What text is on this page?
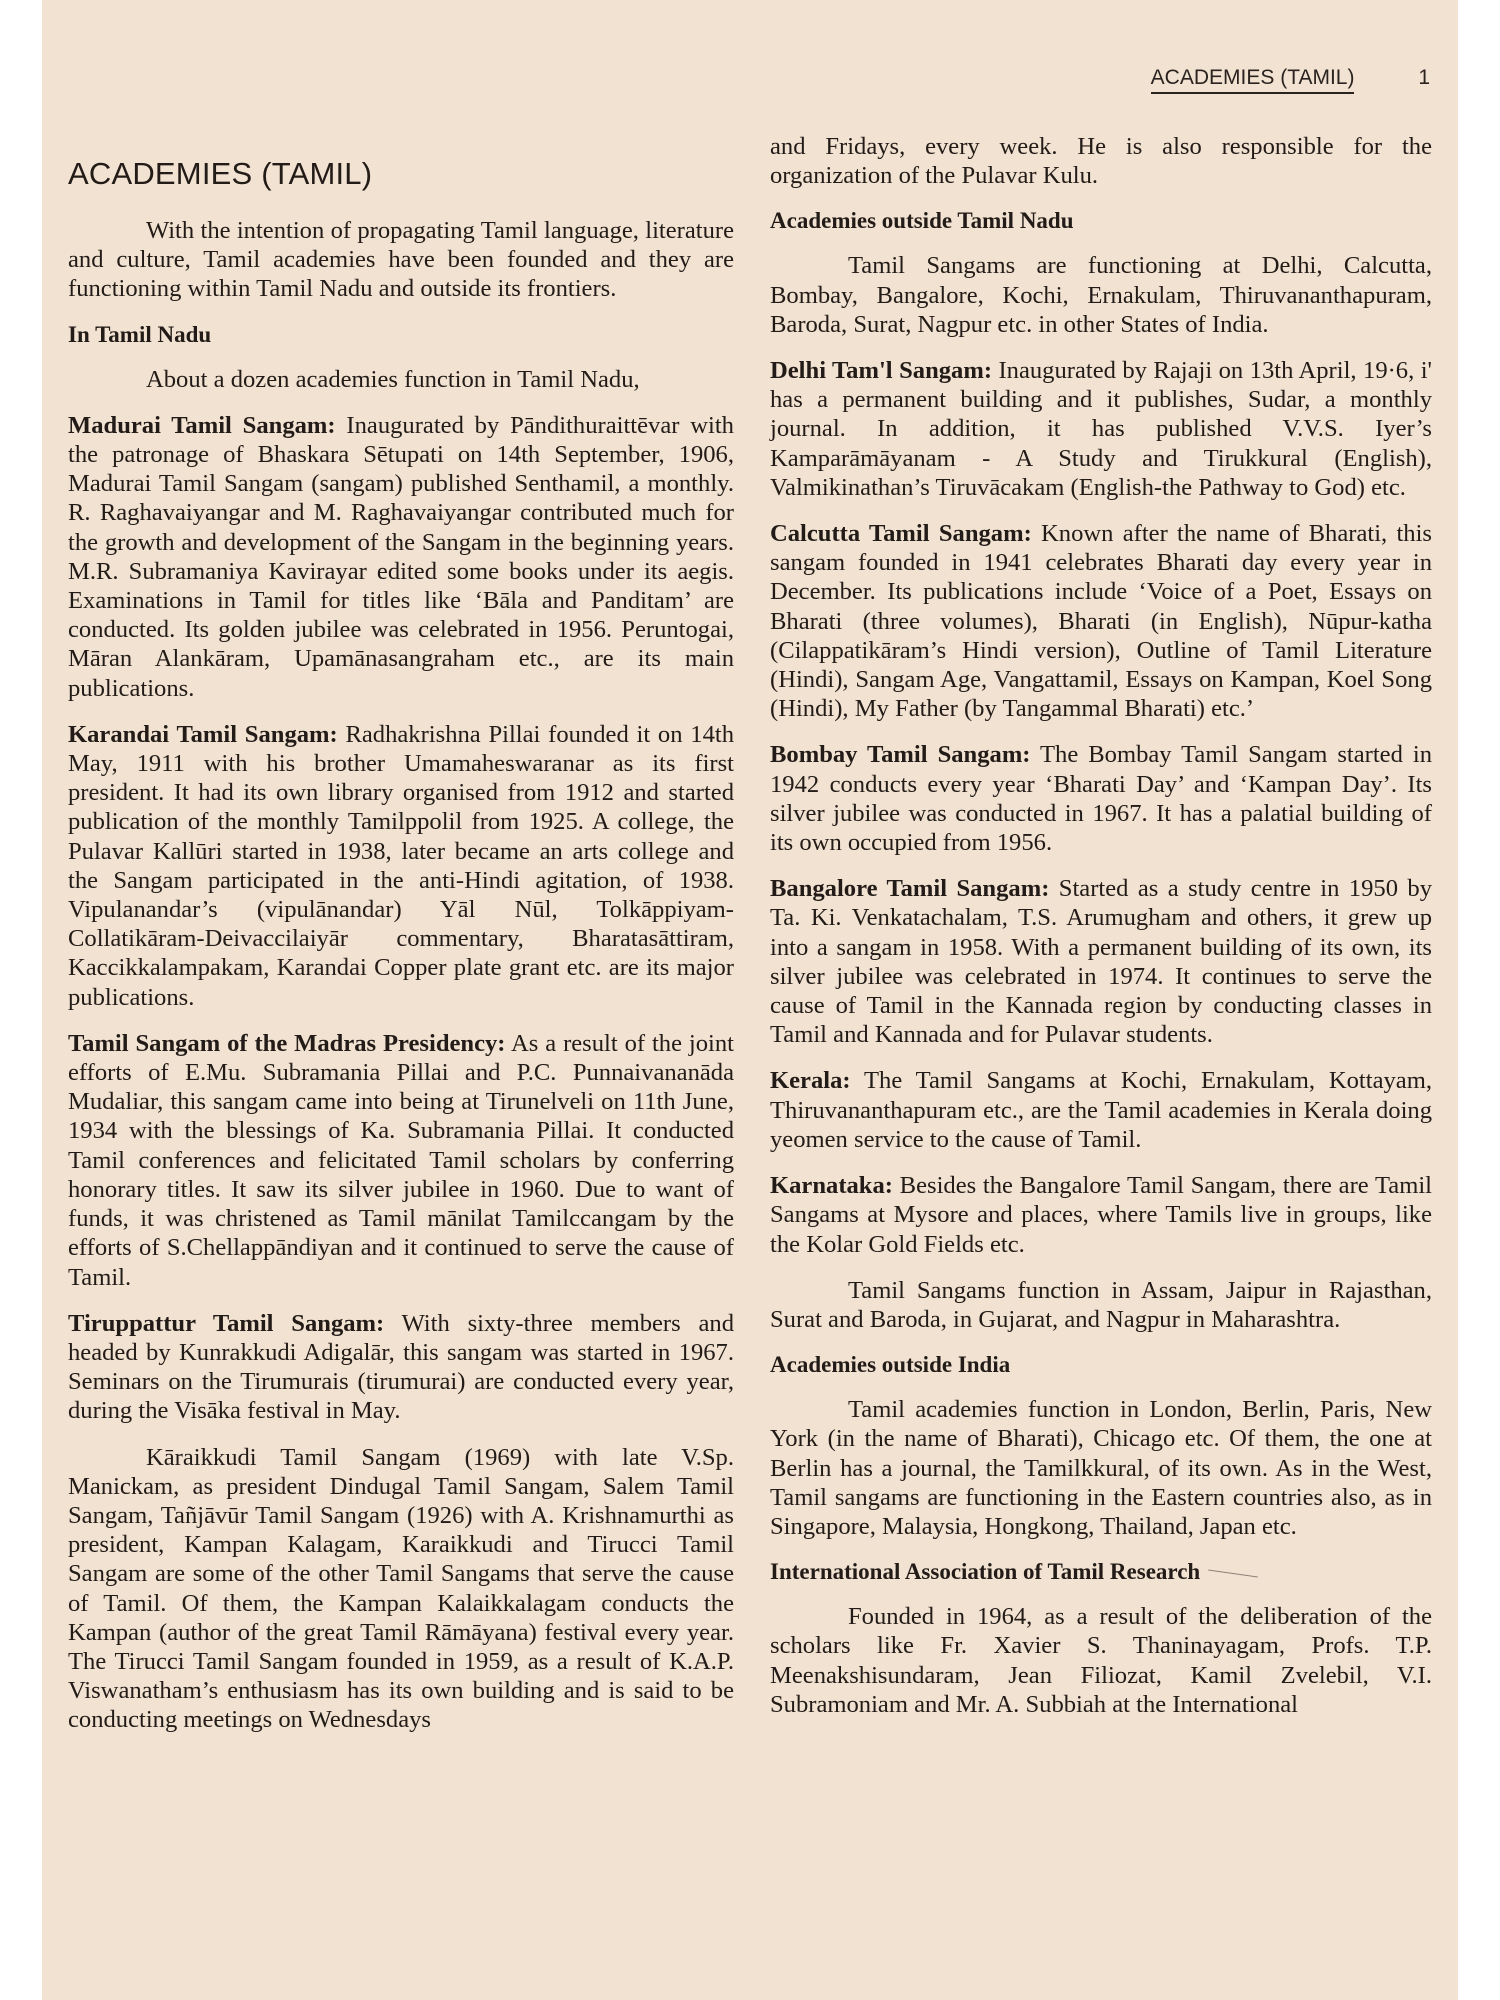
ACADEMIES (TAMIL)	1
ACADEMIES (TAMIL)

With the intention of propagating Tamil language, literature and culture, Tamil academies have been founded and they are functioning within Tamil Nadu and outside its frontiers.

In Tamil Nadu

About a dozen academies function in Tamil Nadu,

Madurai Tamil Sangam: Inaugurated by Pāndithuraittēvar with the patronage of Bhaskara Sētupati on 14th September, 1906, Madurai Tamil Sangam (sangam) published Senthamil, a monthly. R. Raghavaiyangar and M. Raghavaiyangar contributed much for the growth and development of the Sangam in the beginning years. M.R. Subramaniya Kavirayar edited some books under its aegis. Examinations in Tamil for titles like ‘Bāla and Panditam’ are conducted. Its golden jubilee was celebrated in 1956. Peruntogai, Māran Alankāram, Upamānasangraham etc., are its main publications.

Karandai Tamil Sangam: Radhakrishna Pillai founded it on 14th May, 1911 with his brother Umamaheswaranar as its first president. It had its own library organised from 1912 and started publication of the monthly Tamilppolil from 1925. A college, the Pulavar Kallūri started in 1938, later became an arts college and the Sangam participated in the anti-Hindi agitation, of 1938. Vipulanandar’s (vipulānandar) Yāl Nūl, Tolkāppiyam-Collatikāram-Deivaccilaiyār commentary, Bharatasāttiram, Kaccikkalampakam, Karandai Copper plate grant etc. are its major publications.

Tamil Sangam of the Madras Presidency: As a result of the joint efforts of E.Mu. Subramania Pillai and P.C. Punnaivananāda Mudaliar, this sangam came into being at Tirunelveli on 11th June, 1934 with the blessings of Ka. Subramania Pillai. It conducted Tamil conferences and felicitated Tamil scholars by conferring honorary titles. It saw its silver jubilee in 1960. Due to want of funds, it was christened as Tamil mānilat Tamilccangam by the efforts of S.Chellappāndiyan and it continued to serve the cause of Tamil.

Tiruppattur Tamil Sangam: With sixty-three members and headed by Kunrakkudi Adigalār, this sangam was started in 1967. Seminars on the Tirumurais (tirumurai) are conducted every year, during the Visāka festival in May.

Kāraikkudi Tamil Sangam (1969) with late V.Sp. Manickam, as president Dindugal Tamil Sangam, Salem Tamil Sangam, Tañjāvūr Tamil Sangam (1926) with A. Krishnamurthi as president, Kampan Kalagam, Karaikkudi and Tirucci Tamil Sangam are some of the other Tamil Sangams that serve the cause of Tamil. Of them, the Kampan Kalaikkalagam conducts the Kampan (author of the great Tamil Rāmāyana) festival every year. The Tirucci Tamil Sangam founded in 1959, as a result of K.A.P. Viswanatham’s enthusiasm has its own building and is said to be conducting meetings on Wednesdays

and Fridays, every week. He is also responsible for the organization of the Pulavar Kulu.

Academies outside Tamil Nadu

Tamil Sangams are functioning at Delhi, Calcutta, Bombay, Bangalore, Kochi, Ernakulam, Thiruvananthapuram, Baroda, Surat, Nagpur etc. in other States of India.

Delhi Tam'l Sangam: Inaugurated by Rajaji on 13th April, 19·6, i' has a permanent building and it publishes, Sudar, a monthly journal. In addition, it has published V.V.S. Iyer’s Kamparāmāyanam - A Study and Tirukkural (English), Valmikinathan’s Tiruvācakam (English-the Pathway to God) etc.

Calcutta Tamil Sangam: Known after the name of Bharati, this sangam founded in 1941 celebrates Bharati day every year in December. Its publications include ‘Voice of a Poet, Essays on Bharati (three volumes), Bharati (in English), Nūpur-katha (Cilappatikāram’s Hindi version), Outline of Tamil Literature (Hindi), Sangam Age, Vangattamil, Essays on Kampan, Koel Song (Hindi), My Father (by Tangammal Bharati) etc.’

Bombay Tamil Sangam: The Bombay Tamil Sangam started in 1942 conducts every year ‘Bharati Day’ and ‘Kampan Day’. Its silver jubilee was conducted in 1967. It has a palatial building of its own occupied from 1956.

Bangalore Tamil Sangam: Started as a study centre in 1950 by Ta. Ki. Venkatachalam, T.S. Arumugham and others, it grew up into a sangam in 1958. With a permanent building of its own, its silver jubilee was celebrated in 1974. It continues to serve the cause of Tamil in the Kannada region by conducting classes in Tamil and Kannada and for Pulavar students.

Kerala: The Tamil Sangams at Kochi, Ernakulam, Kottayam, Thiruvananthapuram etc., are the Tamil academies in Kerala doing yeomen service to the cause of Tamil.

Karnataka: Besides the Bangalore Tamil Sangam, there are Tamil Sangams at Mysore and places, where Tamils live in groups, like the Kolar Gold Fields etc.

Tamil Sangams function in Assam, Jaipur in Rajasthan, Surat and Baroda, in Gujarat, and Nagpur in Maharashtra.

Academies outside India

Tamil academies function in London, Berlin, Paris, New York (in the name of Bharati), Chicago etc. Of them, the one at Berlin has a journal, the Tamilkkural, of its own. As in the West, Tamil sangams are functioning in the Eastern countries also, as in Singapore, Malaysia, Hongkong, Thailand, Japan etc.

International Association of Tamil Research

Founded in 1964, as a result of the deliberation of the scholars like Fr. Xavier S. Thaninayagam, Profs. T.P. Meenakshisundaram, Jean Filiozat, Kamil Zvelebil, V.I. Subramoniam and Mr. A. Subbiah at the International
